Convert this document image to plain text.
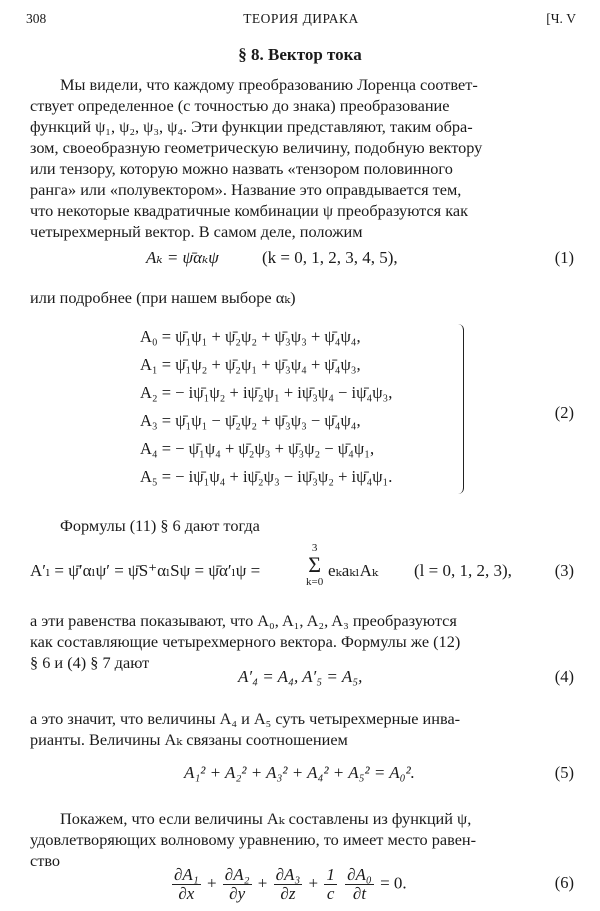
308	ТЕОРИЯ ДИРАКА	[Ч. V
§ 8. Вектор тока
Мы видели, что каждому преобразованию Лоренца соответ-
ствует определенное (с точностью до знака) преобразование
функций ψ₁, ψ₂, ψ₃, ψ₄. Эти функции представляют, таким обра-
зом, своеобразную геометрическую величину, подобную вектору
или тензору, которую можно назвать «тензором половинного
ранга» или «полувектором». Название это оправдывается тем,
что некоторые квадратичные комбинации ψ преобразуются как
четырехмерный вектор. В самом деле, положим
Aₖ = ψ̄αₖψ	(k = 0, 1, 2, 3, 4, 5),	(1)
или подробнее (при нашем выборе αₖ)
A₀ = ψ̄₁ψ₁ + ψ̄₂ψ₂ + ψ̄₃ψ₃ + ψ̄₄ψ₄,
A₁ = ψ̄₁ψ₂ + ψ̄₂ψ₁ + ψ̄₃ψ₄ + ψ̄₄ψ₃,
A₂ = − iψ̄₁ψ₂ + iψ̄₂ψ₁ + iψ̄₃ψ₄ − iψ̄₄ψ₃,
A₃ = ψ̄₁ψ₁ − ψ̄₂ψ₂ + ψ̄₃ψ₃ − ψ̄₄ψ₄,
A₄ = − ψ̄₁ψ₄ + ψ̄₂ψ₃ + ψ̄₃ψ₂ − ψ̄₄ψ₁,
A₅ = − iψ̄₁ψ₄ + iψ̄₂ψ₃ − iψ̄₃ψ₂ + iψ̄₄ψ₁.
(2)
Формулы (11) § 6 дают тогда
A′ₗ = ψ̄′αₗψ′ = ψ̄S⁺αₗSψ = ψ̄α′ₗψ =
3
Σ
k=0
eₖaₖₗAₖ (l = 0, 1, 2, 3),	(3)
а эти равенства показывают, что A₀, A₁, A₂, A₃ преобразуются
как составляющие четырехмерного вектора. Формулы же (12)
§ 6 и (4) § 7 дают
A′₄ = A₄, A′₅ = A₅,	(4)
а это значит, что величины A₄ и A₅ суть четырехмерные инва-
рианты. Величины Aₖ связаны соотношением
A₁² + A₂² + A₃² + A₄² + A₅² = A₀².	(5)
Покажем, что если величины Aₖ составлены из функций ψ,
удовлетворяющих волновому уравнению, то имеет место равен-
ство
$\frac{\text{∂A₁}}{\partial x} + \frac{\text{∂A₂}}{\partial y} + \frac{\text{∂A₃}}{\partial z} + \frac{1}{c}$
$\frac{\text{∂A₀}}{\partial t} = 0$.	(6)
